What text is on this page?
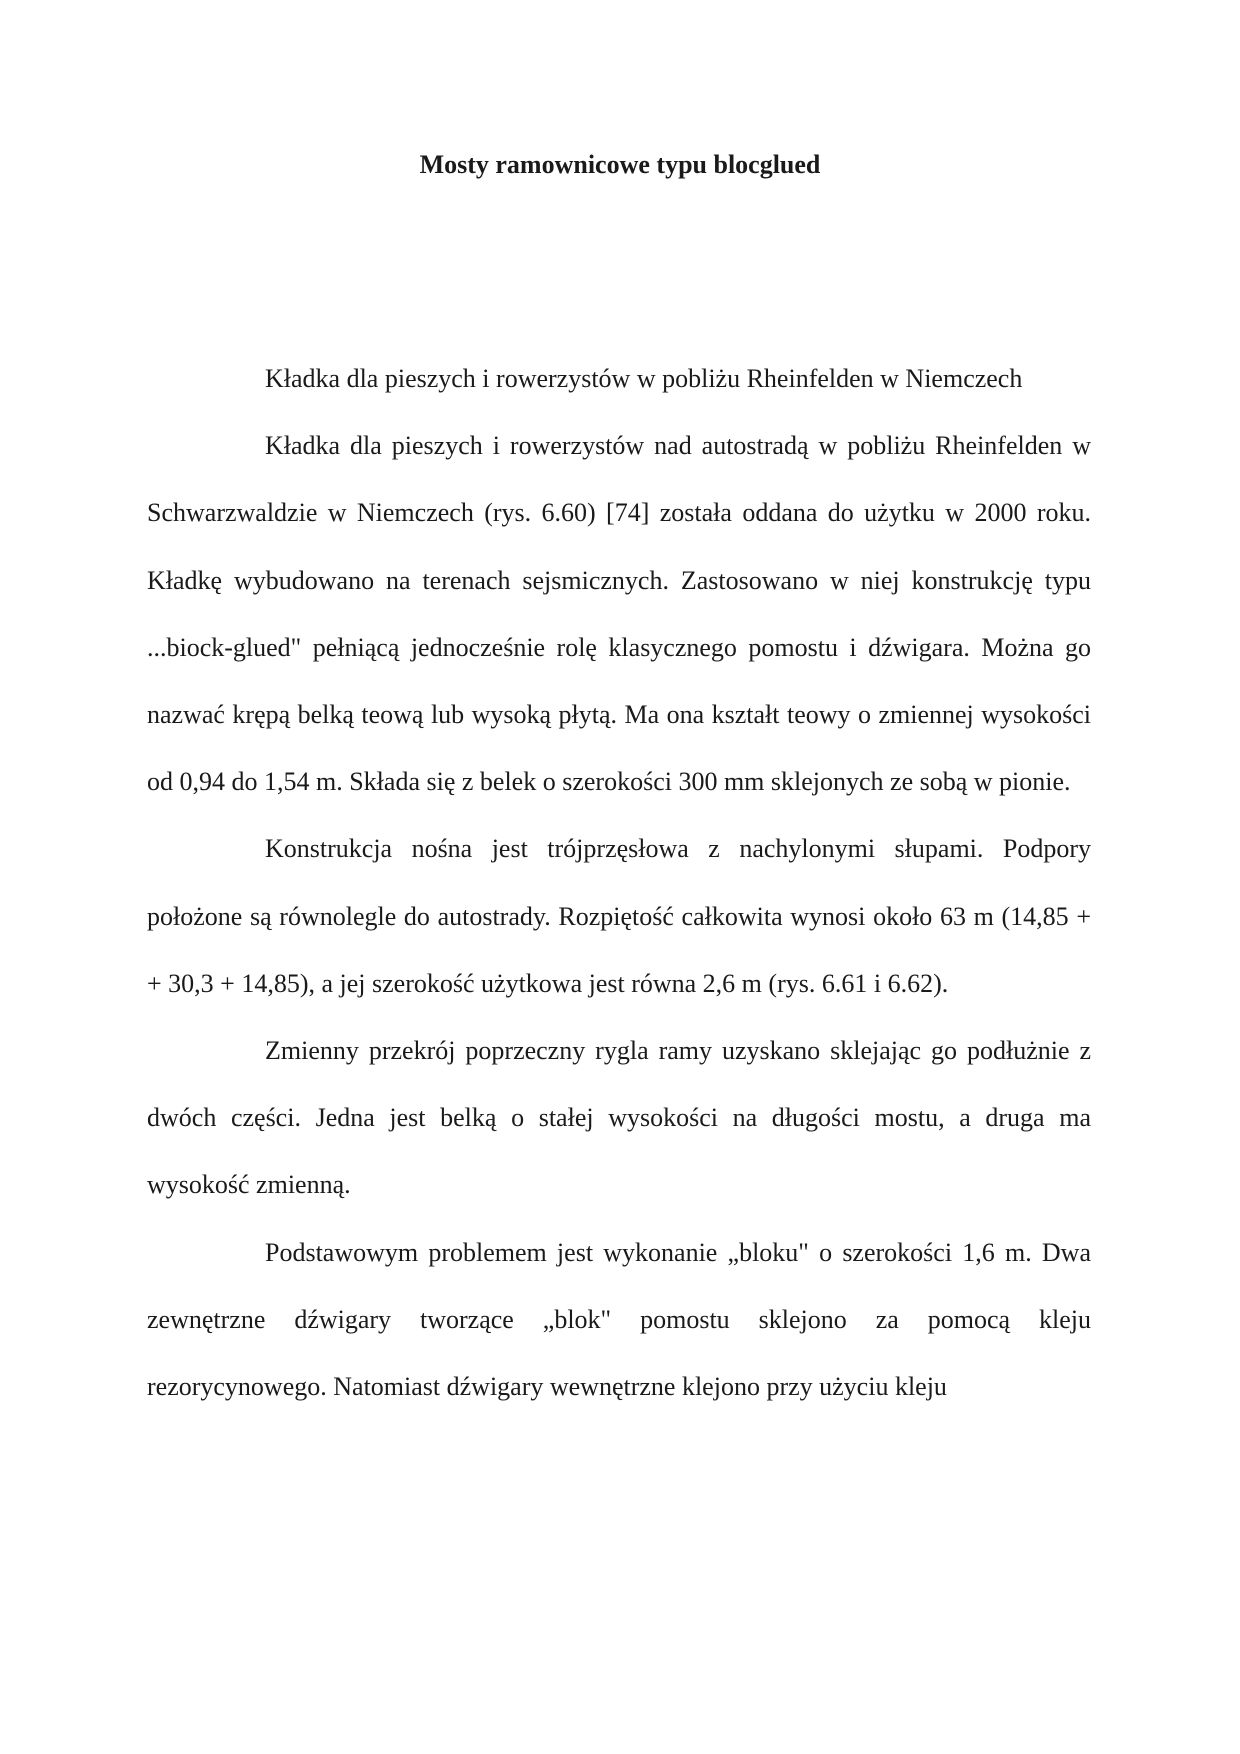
Mosty ramownicowe typu blocglued

Kładka dla pieszych i rowerzystów w pobliżu Rheinfelden w Niemczech

Kładka dla pieszych i rowerzystów nad autostradą w pobliżu Rheinfelden w Schwarzwaldzie w Niemczech (rys. 6.60) [74] została oddana do użytku w 2000 roku. Kładkę wybudowano na terenach sejsmicznych. Zastosowano w niej konstrukcję typu ...biock-glued" pełniącą jednocześnie rolę klasycznego pomostu i dźwigara. Można go nazwać krępą belką teową lub wysoką płytą. Ma ona kształt teowy o zmiennej wysokości od 0,94 do 1,54 m. Składa się z belek o szerokości 300 mm sklejonych ze sobą w pionie.

Konstrukcja nośna jest trójprzęsłowa z nachylonymi słupami. Podpory położone są równolegle do autostrady. Rozpiętość całkowita wynosi około 63 m (14,85 + + 30,3 + 14,85), a jej szerokość użytkowa jest równa 2,6 m (rys. 6.61 i 6.62).

Zmienny przekrój poprzeczny rygla ramy uzyskano sklejając go podłużnie z dwóch części. Jedna jest belką o stałej wysokości na długości mostu, a druga ma wysokość zmienną.

Podstawowym problemem jest wykonanie „bloku" o szerokości 1,6 m. Dwa zewnętrzne dźwigary tworzące „blok" pomostu sklejono za pomocą kleju rezorycynowego. Natomiast dźwigary wewnętrzne klejono przy użyciu kleju
